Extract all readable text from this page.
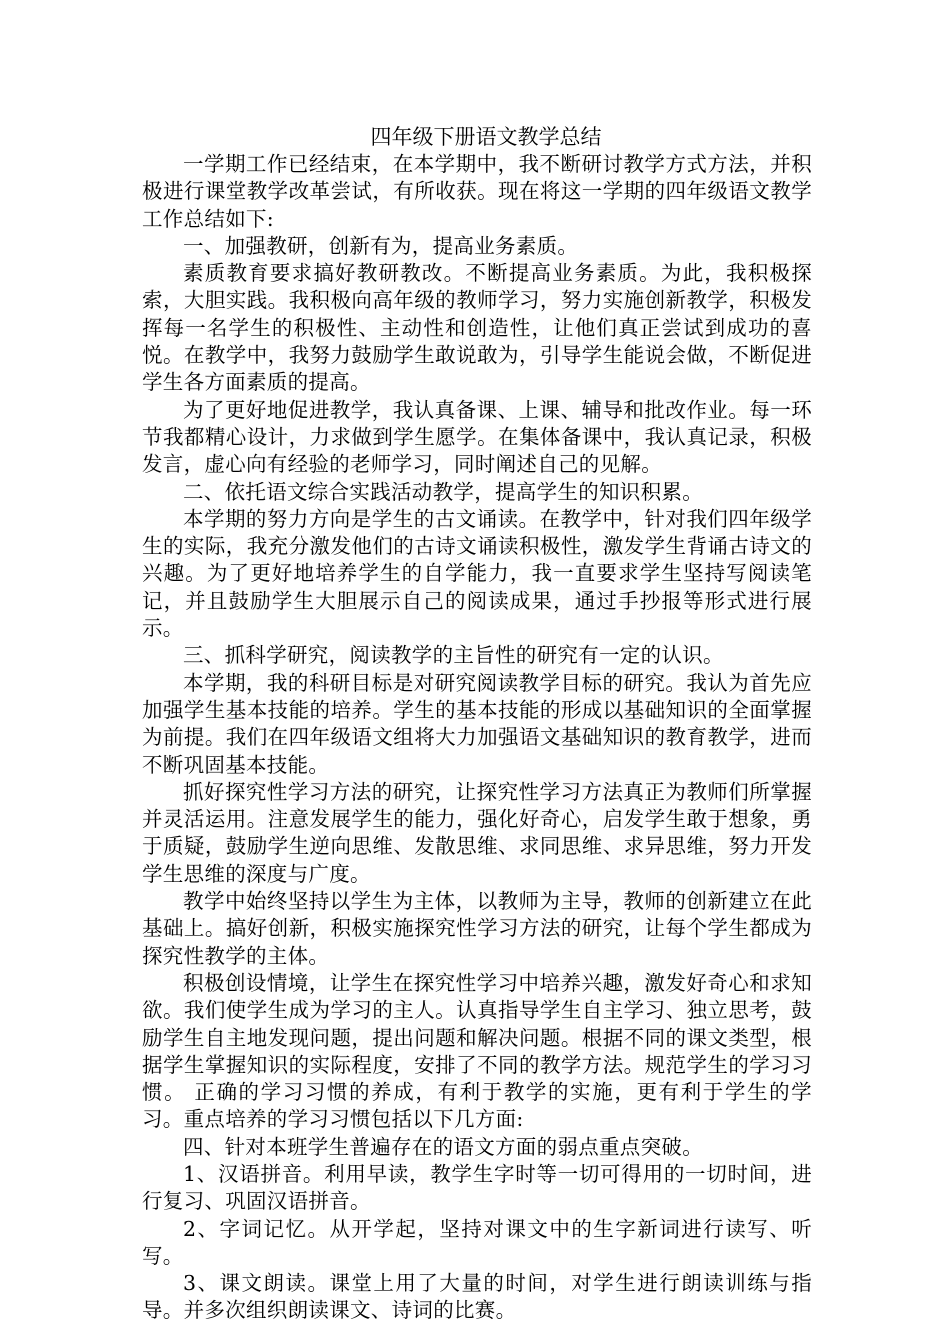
四年级下册语文教学总结

一学期工作已经结束，在本学期中，我不断研讨教学方式方法，并积极进行课堂教学改革尝试，有所收获。现在将这一学期的四年级语文教学工作总结如下:

一、加强教研，创新有为，提高业务素质。

素质教育要求搞好教研教改。不断提高业务素质。为此，我积极探索，大胆实践。我积极向高年级的教师学习，努力实施创新教学，积极发挥每一名学生的积极性、主动性和创造性，让他们真正尝试到成功的喜悦。在教学中，我努力鼓励学生敢说敢为，引导学生能说会做，不断促进学生各方面素质的提高。

为了更好地促进教学，我认真备课、上课、辅导和批改作业。每一环节我都精心设计，力求做到学生愿学。在集体备课中，我认真记录，积极发言，虚心向有经验的老师学习，同时阐述自己的见解。

二、依托语文综合实践活动教学，提高学生的知识积累。

本学期的努力方向是学生的古文诵读。在教学中，针对我们四年级学生的实际，我充分激发他们的古诗文诵读积极性，激发学生背诵古诗文的兴趣。为了更好地培养学生的自学能力，我一直要求学生坚持写阅读笔记，并且鼓励学生大胆展示自己的阅读成果，通过手抄报等形式进行展示。

三、抓科学研究，阅读教学的主旨性的研究有一定的认识。

本学期，我的科研目标是对研究阅读教学目标的研究。我认为首先应加强学生基本技能的培养。学生的基本技能的形成以基础知识的全面掌握为前提。我们在四年级语文组将大力加强语文基础知识的教育教学，进而不断巩固基本技能。

抓好探究性学习方法的研究，让探究性学习方法真正为教师们所掌握并灵活运用。注意发展学生的能力，强化好奇心，启发学生敢于想象，勇于质疑，鼓励学生逆向思维、发散思维、求同思维、求异思维，努力开发学生思维的深度与广度。

教学中始终坚持以学生为主体，以教师为主导，教师的创新建立在此基础上。搞好创新，积极实施探究性学习方法的研究，让每个学生都成为探究性教学的主体。

积极创设情境，让学生在探究性学习中培养兴趣，激发好奇心和求知欲。我们使学生成为学习的主人。认真指导学生自主学习、独立思考，鼓励学生自主地发现问题，提出问题和解决问题。根据不同的课文类型，根据学生掌握知识的实际程度，安排了不同的教学方法。规范学生的学习习惯。 正确的学习习惯的养成，有利于教学的实施，更有利于学生的学习。重点培养的学习习惯包括以下几方面:

四、针对本班学生普遍存在的语文方面的弱点重点突破。

1、汉语拼音。利用早读，教学生字时等一切可得用的一切时间，进行复习、巩固汉语拼音。

2、字词记忆。从开学起，坚持对课文中的生字新词进行读写、听写。

3、课文朗读。课堂上用了大量的时间，对学生进行朗读训练与指导。并多次组织朗读课文、诗词的比赛。
